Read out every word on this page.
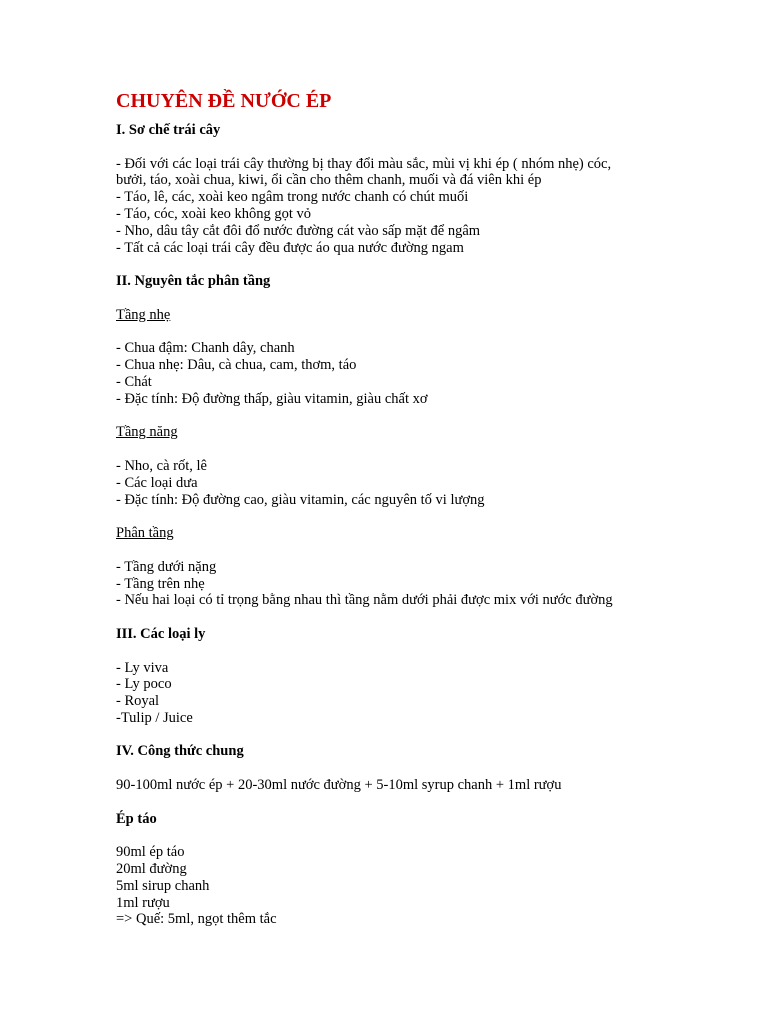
CHUYÊN ĐỀ NƯỚC ÉP
I. Sơ chế trái cây
- Đối với các loại trái cây thường bị thay đổi màu sắc, mùi vị khi ép ( nhóm nhẹ) cóc,
bưởi, táo, xoài chua, kiwi, ổi cần cho thêm chanh, muối và đá viên khi ép
- Táo, lê, các, xoài keo ngâm trong nước chanh có chút muối
- Táo, cóc, xoài keo không gọt vỏ
- Nho, dâu tây cắt đôi đổ nước đường cát vào sấp mặt để ngâm
- Tất cả các loại trái cây đều được áo qua nước đường ngam
II. Nguyên tắc phân tầng
Tầng nhẹ
- Chua đậm: Chanh dây, chanh
- Chua nhẹ: Dâu, cà chua, cam, thơm, táo
- Chát
- Đặc tính: Độ đường thấp, giàu vitamin, giàu chất xơ
Tầng năng
- Nho, cà rốt, lê
- Các loại dưa
- Đặc tính: Độ đường cao, giàu vitamin, các nguyên tố vi lượng
Phân tầng
- Tầng dưới nặng
- Tầng trên nhẹ
- Nếu hai loại có tỉ trọng bằng nhau thì tầng nằm dưới phải được mix với nước đường
III. Các loại ly
- Ly viva
- Ly poco
- Royal
-Tulip / Juice
IV. Công thức chung
90-100ml nước ép + 20-30ml nước đường + 5-10ml syrup chanh + 1ml rượu
Ép táo
90ml ép táo
20ml đường
5ml sirup chanh
1ml rượu
=> Quế: 5ml, ngọt thêm tắc
